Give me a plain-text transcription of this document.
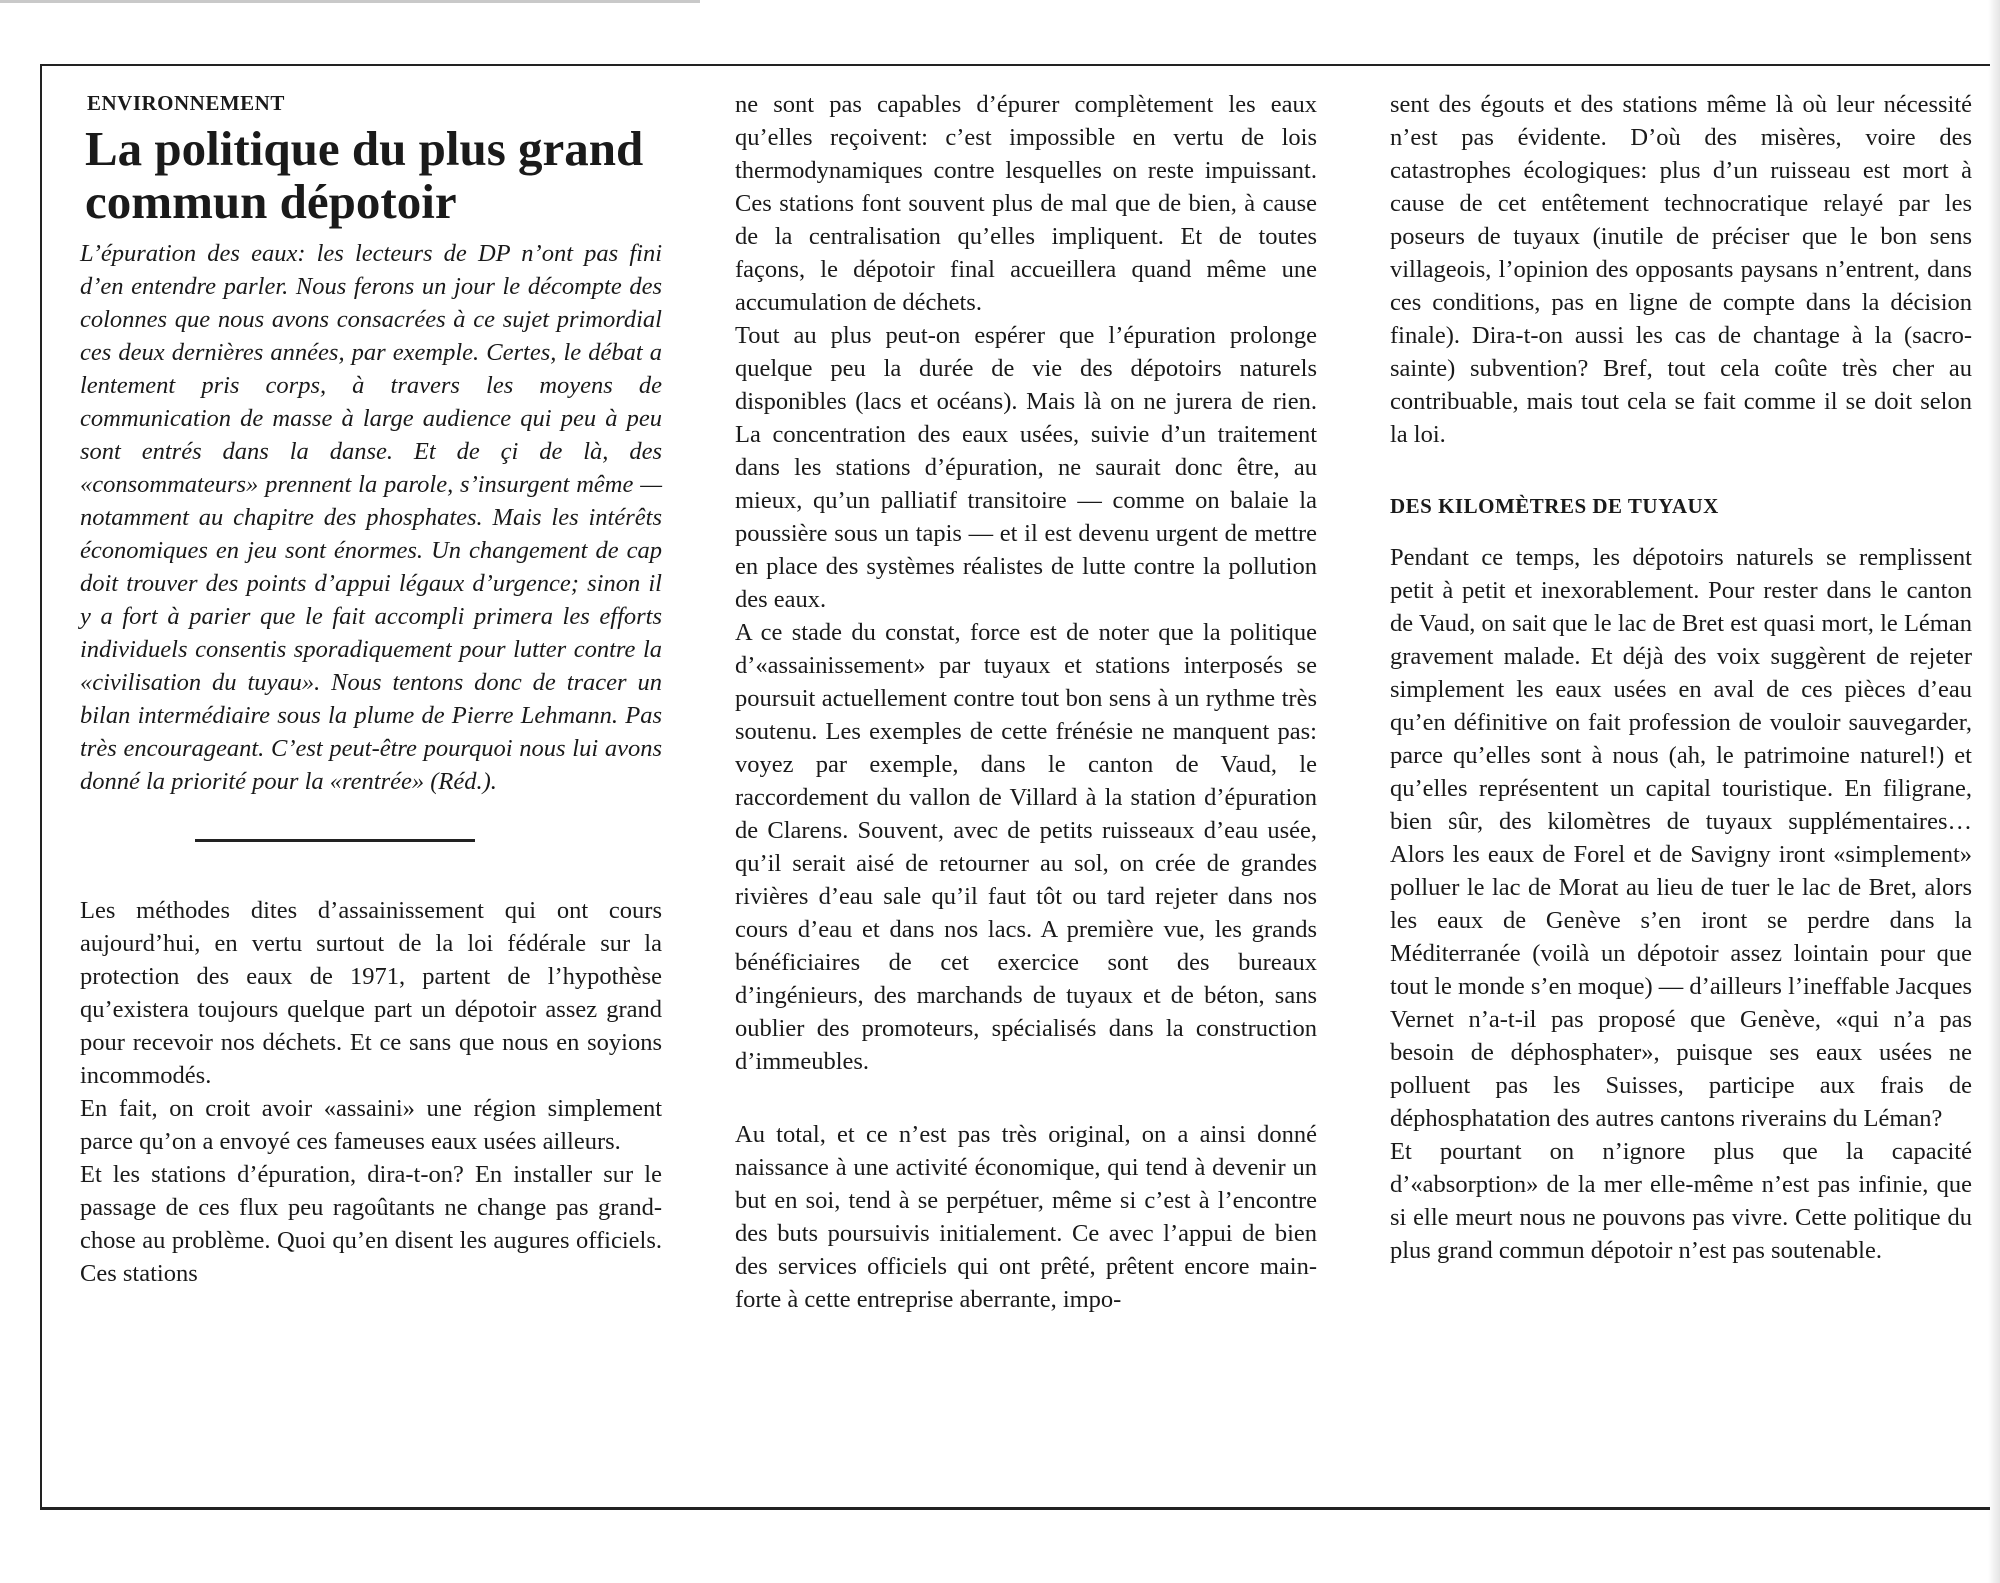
ENVIRONNEMENT
La politique du plus grand commun dépotoir

L’épuration des eaux: les lecteurs de DP n’ont pas fini d’en entendre parler. Nous ferons un jour le décompte des colonnes que nous avons consacrées à ce sujet primordial ces deux dernières années, par exemple. Certes, le débat a lentement pris corps, à travers les moyens de communication de masse à large audience qui peu à peu sont entrés dans la danse. Et de çi de là, des «consommateurs» prennent la parole, s’insurgent même — notamment au chapitre des phosphates. Mais les intérêts économiques en jeu sont énormes. Un changement de cap doit trouver des points d’appui légaux d’urgence; sinon il y a fort à parier que le fait accompli primera les efforts individuels consentis sporadiquement pour lutter contre la «civilisation du tuyau». Nous tentons donc de tracer un bilan intermédiaire sous la plume de Pierre Lehmann. Pas très encourageant. C’est peut-être pourquoi nous lui avons donné la priorité pour la «rentrée» (Réd.).

Les méthodes dites d’assainissement qui ont cours aujourd’hui, en vertu surtout de la loi fédérale sur la protection des eaux de 1971, partent de l’hypothèse qu’existera toujours quelque part un dépotoir assez grand pour recevoir nos déchets. Et ce sans que nous en soyions incommodés.

En fait, on croit avoir «assaini» une région simplement parce qu’on a envoyé ces fameuses eaux usées ailleurs.

Et les stations d’épuration, dira-t-on? En installer sur le passage de ces flux peu ragoûtants ne change pas grand-chose au problème. Quoi qu’en disent les augures officiels. Ces stations

ne sont pas capables d’épurer complètement les eaux qu’elles reçoivent: c’est impossible en vertu de lois thermodynamiques contre lesquelles on reste impuissant. Ces stations font souvent plus de mal que de bien, à cause de la centralisation qu’elles impliquent. Et de toutes façons, le dépotoir final accueillera quand même une accumulation de déchets.

Tout au plus peut-on espérer que l’épuration prolonge quelque peu la durée de vie des dépotoirs naturels disponibles (lacs et océans). Mais là on ne jurera de rien. La concentration des eaux usées, suivie d’un traitement dans les stations d’épuration, ne saurait donc être, au mieux, qu’un palliatif transitoire — comme on balaie la poussière sous un tapis — et il est devenu urgent de mettre en place des systèmes réalistes de lutte contre la pollution des eaux.

A ce stade du constat, force est de noter que la politique d’«assainissement» par tuyaux et stations interposés se poursuit actuellement contre tout bon sens à un rythme très soutenu. Les exemples de cette frénésie ne manquent pas: voyez par exemple, dans le canton de Vaud, le raccordement du vallon de Villard à la station d’épuration de Clarens. Souvent, avec de petits ruisseaux d’eau usée, qu’il serait aisé de retourner au sol, on crée de grandes rivières d’eau sale qu’il faut tôt ou tard rejeter dans nos cours d’eau et dans nos lacs. A première vue, les grands bénéficiaires de cet exercice sont des bureaux d’ingénieurs, des marchands de tuyaux et de béton, sans oublier des promoteurs, spécialisés dans la construction d’immeubles.

Au total, et ce n’est pas très original, on a ainsi donné naissance à une activité économique, qui tend à devenir un but en soi, tend à se perpétuer, même si c’est à l’encontre des buts poursuivis initialement. Ce avec l’appui de bien des services officiels qui ont prêté, prêtent encore main-forte à cette entreprise aberrante, impo-

sent des égouts et des stations même là où leur nécessité n’est pas évidente. D’où des misères, voire des catastrophes écologiques: plus d’un ruisseau est mort à cause de cet entêtement technocratique relayé par les poseurs de tuyaux (inutile de préciser que le bon sens villageois, l’opinion des opposants paysans n’entrent, dans ces conditions, pas en ligne de compte dans la décision finale). Dira-t-on aussi les cas de chantage à la (sacro-sainte) subvention? Bref, tout cela coûte très cher au contribuable, mais tout cela se fait comme il se doit selon la loi.

DES KILOMÈTRES DE TUYAUX

Pendant ce temps, les dépotoirs naturels se remplissent petit à petit et inexorablement. Pour rester dans le canton de Vaud, on sait que le lac de Bret est quasi mort, le Léman gravement malade. Et déjà des voix suggèrent de rejeter simplement les eaux usées en aval de ces pièces d’eau qu’en définitive on fait profession de vouloir sauvegarder, parce qu’elles sont à nous (ah, le patrimoine naturel!) et qu’elles représentent un capital touristique. En filigrane, bien sûr, des kilomètres de tuyaux supplémentaires… Alors les eaux de Forel et de Savigny iront «simplement» polluer le lac de Morat au lieu de tuer le lac de Bret, alors les eaux de Genève s’en iront se perdre dans la Méditerranée (voilà un dépotoir assez lointain pour que tout le monde s’en moque) — d’ailleurs l’ineffable Jacques Vernet n’a-t-il pas proposé que Genève, «qui n’a pas besoin de déphosphater», puisque ses eaux usées ne polluent pas les Suisses, participe aux frais de déphosphatation des autres cantons riverains du Léman?

Et pourtant on n’ignore plus que la capacité d’«absorption» de la mer elle-même n’est pas infinie, que si elle meurt nous ne pouvons pas vivre. Cette politique du plus grand commun dépotoir n’est pas soutenable.
